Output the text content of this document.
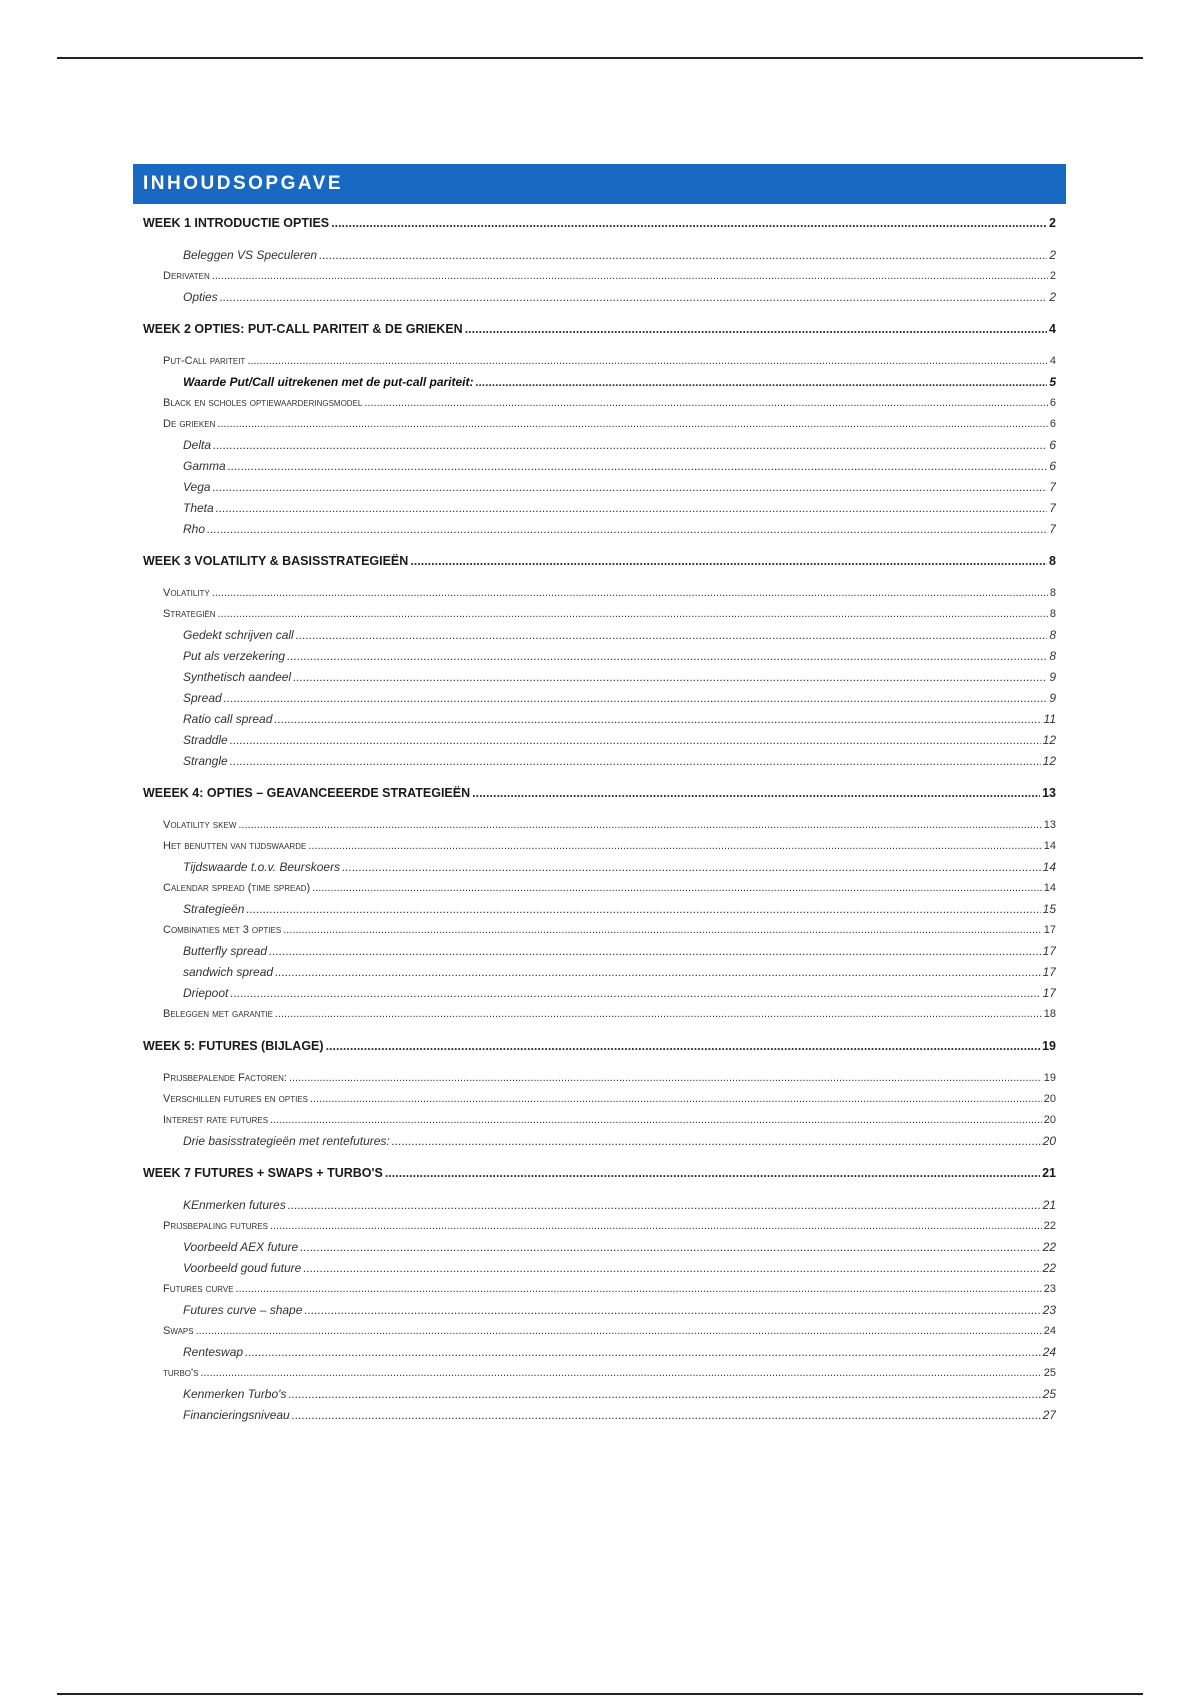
INHOUDSOPGAVE
WEEK 1 INTRODUCTIE OPTIES .....	2
Beleggen VS Speculeren .....	2
Derivaten .....	2
Opties .....	2
WEEK 2 OPTIES: PUT-CALL PARITEIT & DE GRIEKEN .....	4
Put-Call pariteit .....	4
Waarde Put/Call uitrekenen met de put-call pariteit: .....	5
Black en scholes optiewaarderingsmodel .....	6
De grieken .....	6
Delta .....	6
Gamma .....	6
Vega .....	7
Theta .....	7
Rho .....	7
WEEK 3 VOLATILITY & BASISSTRATEGIEËN .....	8
Volatility .....	8
Strategiën .....	8
Gedekt schrijven call .....	8
Put als verzekering .....	8
Synthetisch aandeel .....	9
Spread .....	9
Ratio call spread .....	11
Straddle .....	12
Strangle .....	12
WEEEK 4: OPTIES – GEAVANCEEERDE STRATEGIEËN .....	13
Volatility skew .....	13
Het benutten van tijdswaarde .....	14
Tijdswaarde t.o.v. Beurskoers .....	14
Calendar spread (time spread) .....	14
Strategieën .....	15
Combinaties met 3 opties .....	17
Butterfly spread .....	17
sandwich spread .....	17
Driepoot .....	17
Beleggen met garantie .....	18
WEEK 5: FUTURES (BIJLAGE) .....	19
Prijsbepalende Factoren: .....	19
Verschillen futures en opties .....	20
Interest rate futures .....	20
Drie basisstrategieën met rentefutures: .....	20
WEEK 7 FUTURES + SWAPS + TURBO'S .....	21
KEnmerken futures .....	21
Prijsbepaling futures .....	22
Voorbeeld AEX future .....	22
Voorbeeld goud future .....	22
Futures curve .....	23
Futures curve – shape .....	23
Swaps .....	24
Renteswap .....	24
turbo's .....	25
Kenmerken Turbo's .....	25
Financieringsniveau .....	27
